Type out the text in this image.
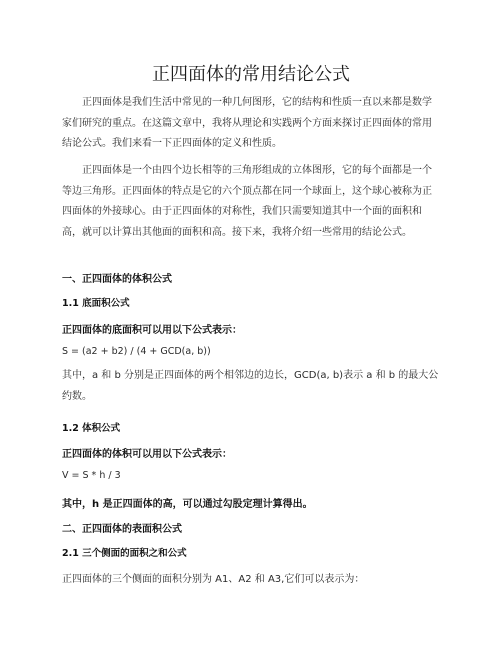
正四面体的常用结论公式
正四面体是我们生活中常见的一种几何图形，它的结构和性质一直以来都是数学家们研究的重点。在这篇文章中，我将从理论和实践两个方面来探讨正四面体的常用结论公式。我们来看一下正四面体的定义和性质。
正四面体是一个由四个边长相等的三角形组成的立体图形，它的每个面都是一个等边三角形。正四面体的特点是它的六个顶点都在同一个球面上，这个球心被称为正四面体的外接球心。由于正四面体的对称性，我们只需要知道其中一个面的面积和高，就可以计算出其他面的面积和高。接下来，我将介绍一些常用的结论公式。
一、正四面体的体积公式
1.1 底面积公式
正四面体的底面积可以用以下公式表示：
S = (a2 + b2) / (4 + GCD(a, b))
其中，a 和 b 分别是正四面体的两个相邻边的边长，GCD(a, b)表示 a 和 b 的最大公约数。
1.2 体积公式
正四面体的体积可以用以下公式表示：
V = S * h / 3
其中，h 是正四面体的高，可以通过勾股定理计算得出。
二、正四面体的表面积公式
2.1 三个侧面的面积之和公式
正四面体的三个侧面的面积分别为 A1、A2 和 A3,它们可以表示为：
